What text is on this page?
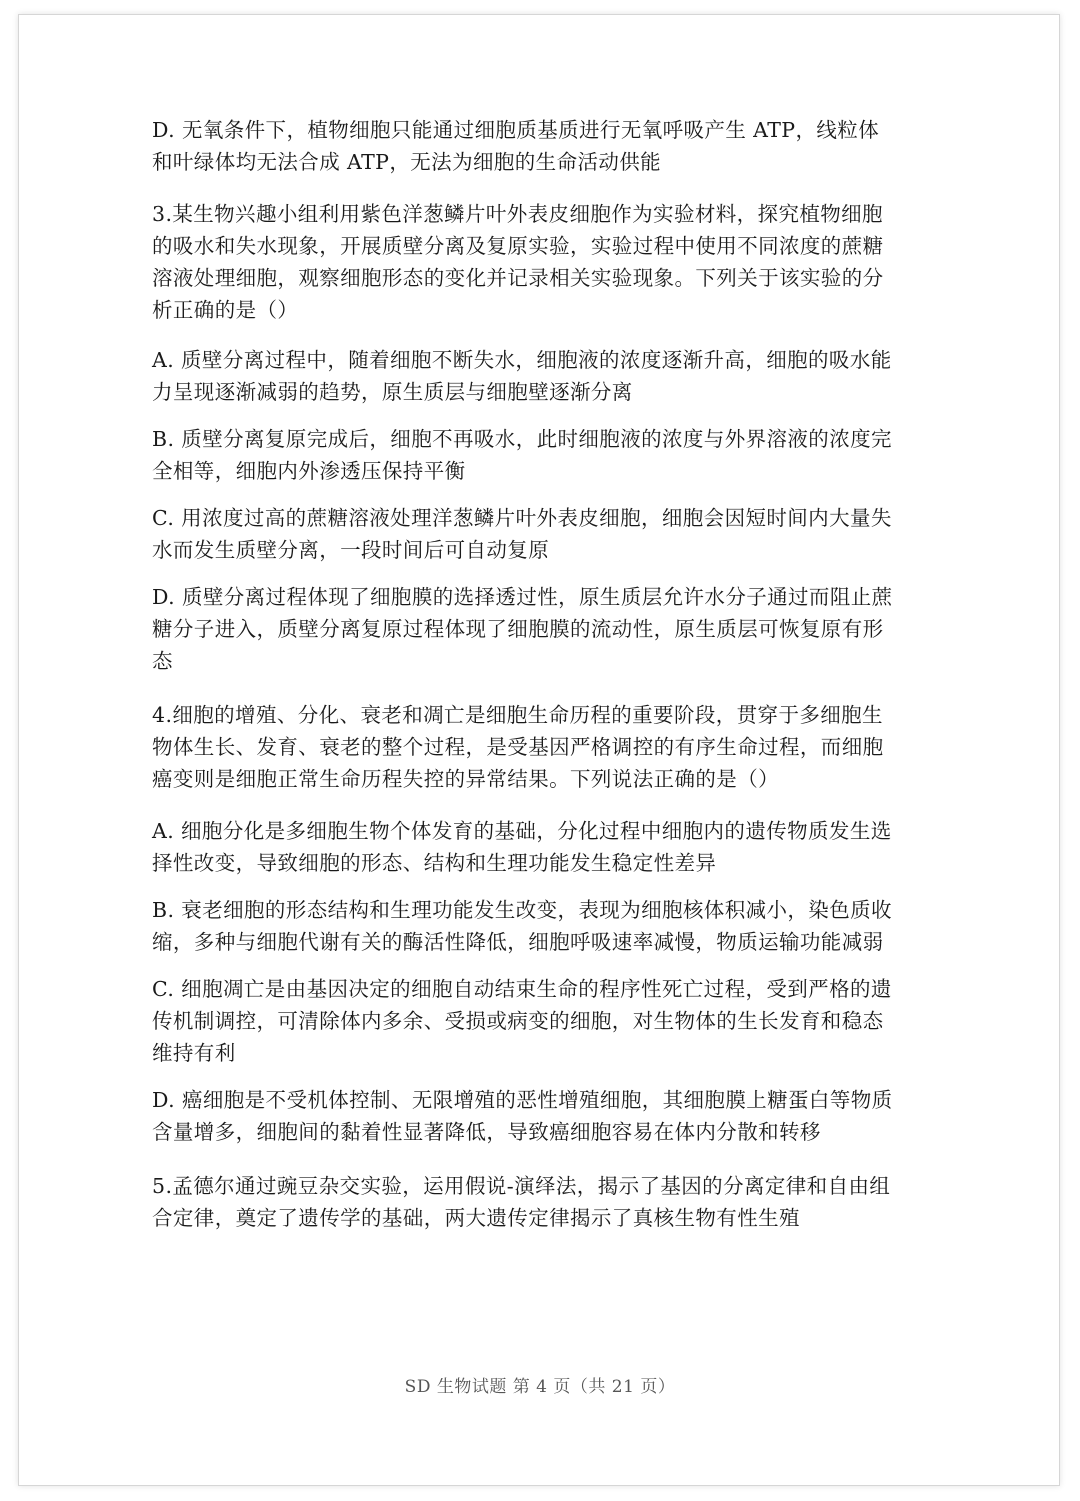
D. 无氧条件下，植物细胞只能通过细胞质基质进行无氧呼吸产生 ATP，线粒体和叶绿体均无法合成 ATP，无法为细胞的生命活动供能

3.某生物兴趣小组利用紫色洋葱鳞片叶外表皮细胞作为实验材料，探究植物细胞的吸水和失水现象，开展质壁分离及复原实验，实验过程中使用不同浓度的蔗糖溶液处理细胞，观察细胞形态的变化并记录相关实验现象。下列关于该实验的分析正确的是（）

A. 质壁分离过程中，随着细胞不断失水，细胞液的浓度逐渐升高，细胞的吸水能力呈现逐渐减弱的趋势，原生质层与细胞壁逐渐分离

B. 质壁分离复原完成后，细胞不再吸水，此时细胞液的浓度与外界溶液的浓度完全相等，细胞内外渗透压保持平衡

C. 用浓度过高的蔗糖溶液处理洋葱鳞片叶外表皮细胞，细胞会因短时间内大量失水而发生质壁分离，一段时间后可自动复原

D. 质壁分离过程体现了细胞膜的选择透过性，原生质层允许水分子通过而阻止蔗糖分子进入，质壁分离复原过程体现了细胞膜的流动性，原生质层可恢复原有形态

4.细胞的增殖、分化、衰老和凋亡是细胞生命历程的重要阶段，贯穿于多细胞生物体生长、发育、衰老的整个过程，是受基因严格调控的有序生命过程，而细胞癌变则是细胞正常生命历程失控的异常结果。下列说法正确的是（）

A. 细胞分化是多细胞生物个体发育的基础，分化过程中细胞内的遗传物质发生选择性改变，导致细胞的形态、结构和生理功能发生稳定性差异

B. 衰老细胞的形态结构和生理功能发生改变，表现为细胞核体积减小，染色质收缩，多种与细胞代谢有关的酶活性降低，细胞呼吸速率减慢，物质运输功能减弱

C. 细胞凋亡是由基因决定的细胞自动结束生命的程序性死亡过程，受到严格的遗传机制调控，可清除体内多余、受损或病变的细胞，对生物体的生长发育和稳态维持有利

D. 癌细胞是不受机体控制、无限增殖的恶性增殖细胞，其细胞膜上糖蛋白等物质含量增多，细胞间的黏着性显著降低，导致癌细胞容易在体内分散和转移

5.孟德尔通过豌豆杂交实验，运用假说-演绎法，揭示了基因的分离定律和自由组合定律，奠定了遗传学的基础，两大遗传定律揭示了真核生物有性生殖

SD 生物试题 第 4 页（共 21 页）
